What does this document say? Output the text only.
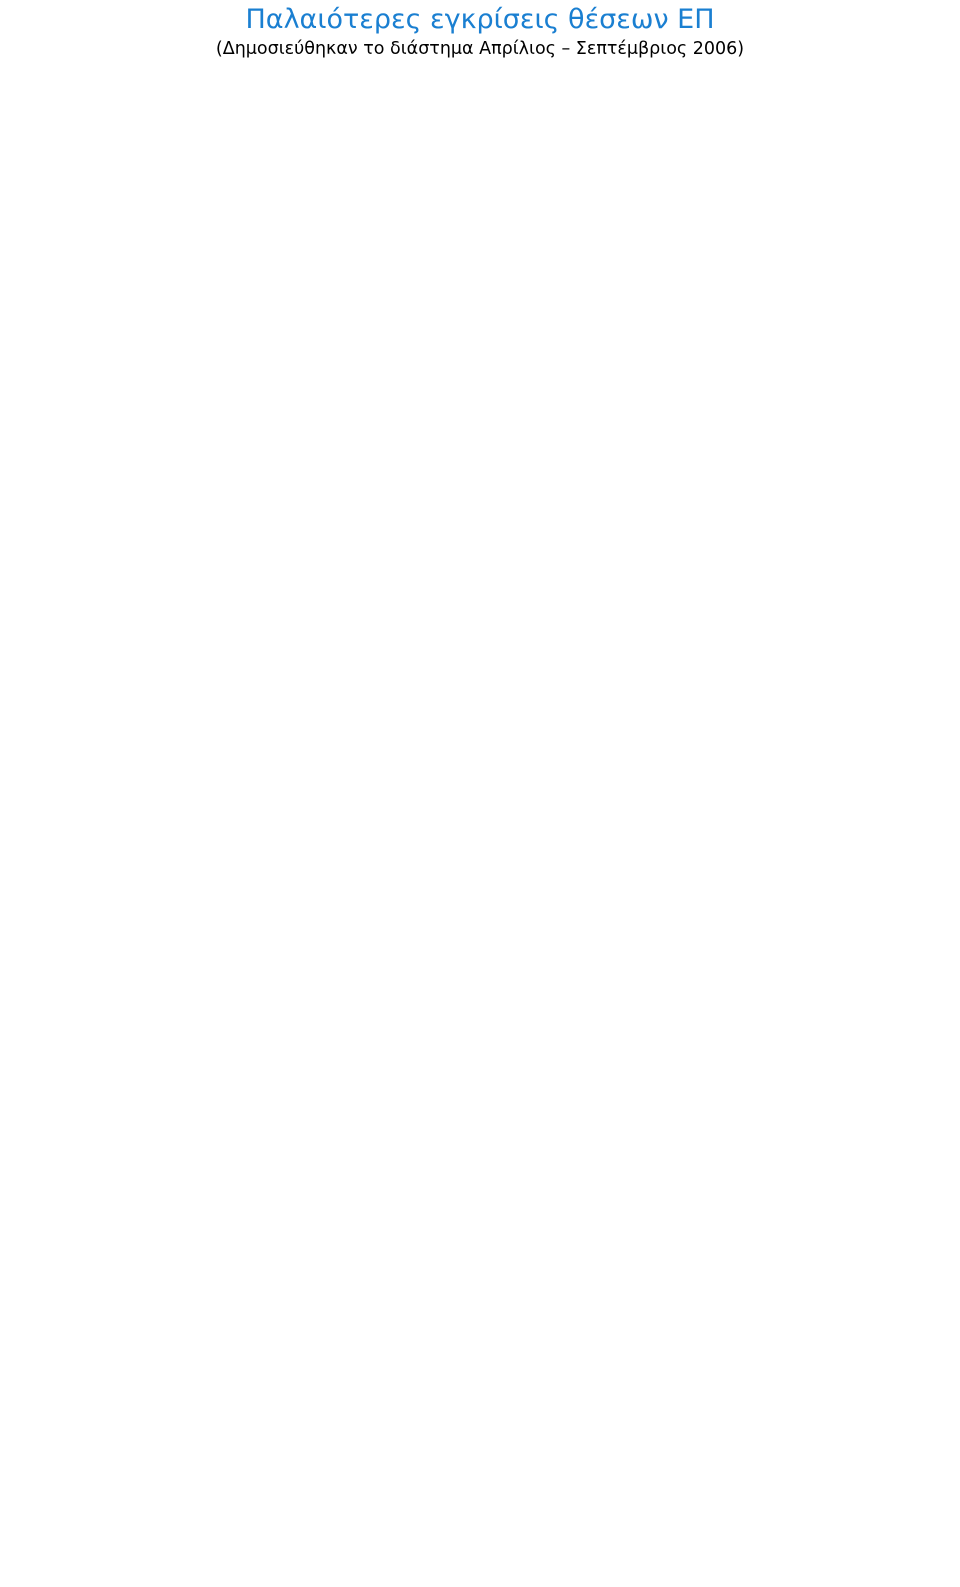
Παλαιότερες εγκρίσεις θέσεων ΕΠ
(Δημοσιεύθηκαν το διάστημα Απρίλιος – Σεπτέμβριος 2006)
